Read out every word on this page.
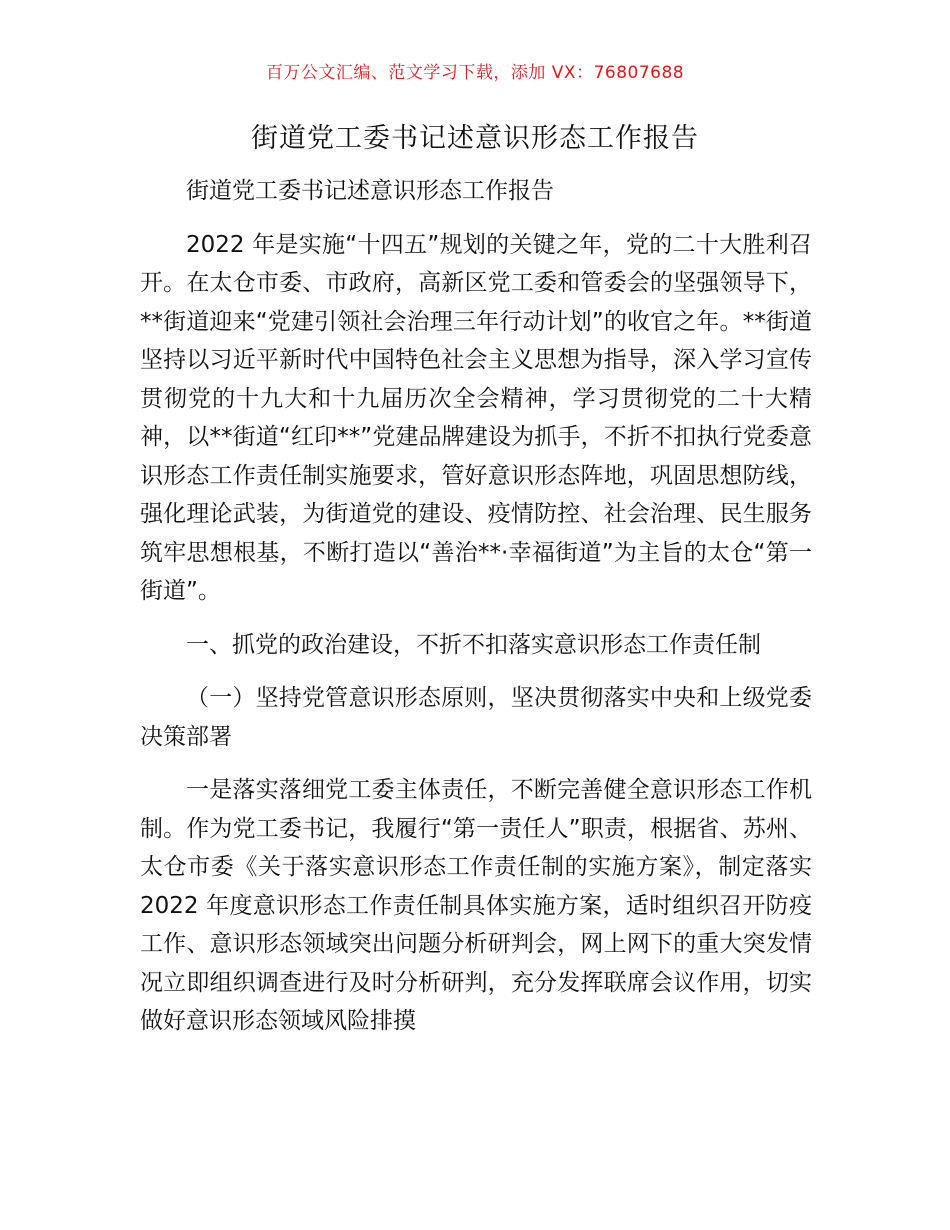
百万公文汇编、范文学习下载，添加 VX：76807688
街道党工委书记述意识形态工作报告

街道党工委书记述意识形态工作报告

2022 年是实施“十四五”规划的关键之年，党的二十大胜利召开。在太仓市委、市政府，高新区党工委和管委会的坚强领导下，**街道迎来“党建引领社会治理三年行动计划”的收官之年。**街道坚持以习近平新时代中国特色社会主义思想为指导，深入学习宣传贯彻党的十九大和十九届历次全会精神，学习贯彻党的二十大精神，以**街道“红印**”党建品牌建设为抓手，不折不扣执行党委意识形态工作责任制实施要求，管好意识形态阵地，巩固思想防线，强化理论武装，为街道党的建设、疫情防控、社会治理、民生服务筑牢思想根基，不断打造以“善治**·幸福街道”为主旨的太仓“第一街道”。

一、抓党的政治建设，不折不扣落实意识形态工作责任制

（一）坚持党管意识形态原则，坚决贯彻落实中央和上级党委决策部署

一是落实落细党工委主体责任，不断完善健全意识形态工作机制。作为党工委书记，我履行“第一责任人”职责，根据省、苏州、太仓市委《关于落实意识形态工作责任制的实施方案》，制定落实 2022 年度意识形态工作责任制具体实施方案，适时组织召开防疫工作、意识形态领域突出问题分析研判会，网上网下的重大突发情况立即组织调查进行及时分析研判，充分发挥联席会议作用，切实做好意识形态领域风险排摸
